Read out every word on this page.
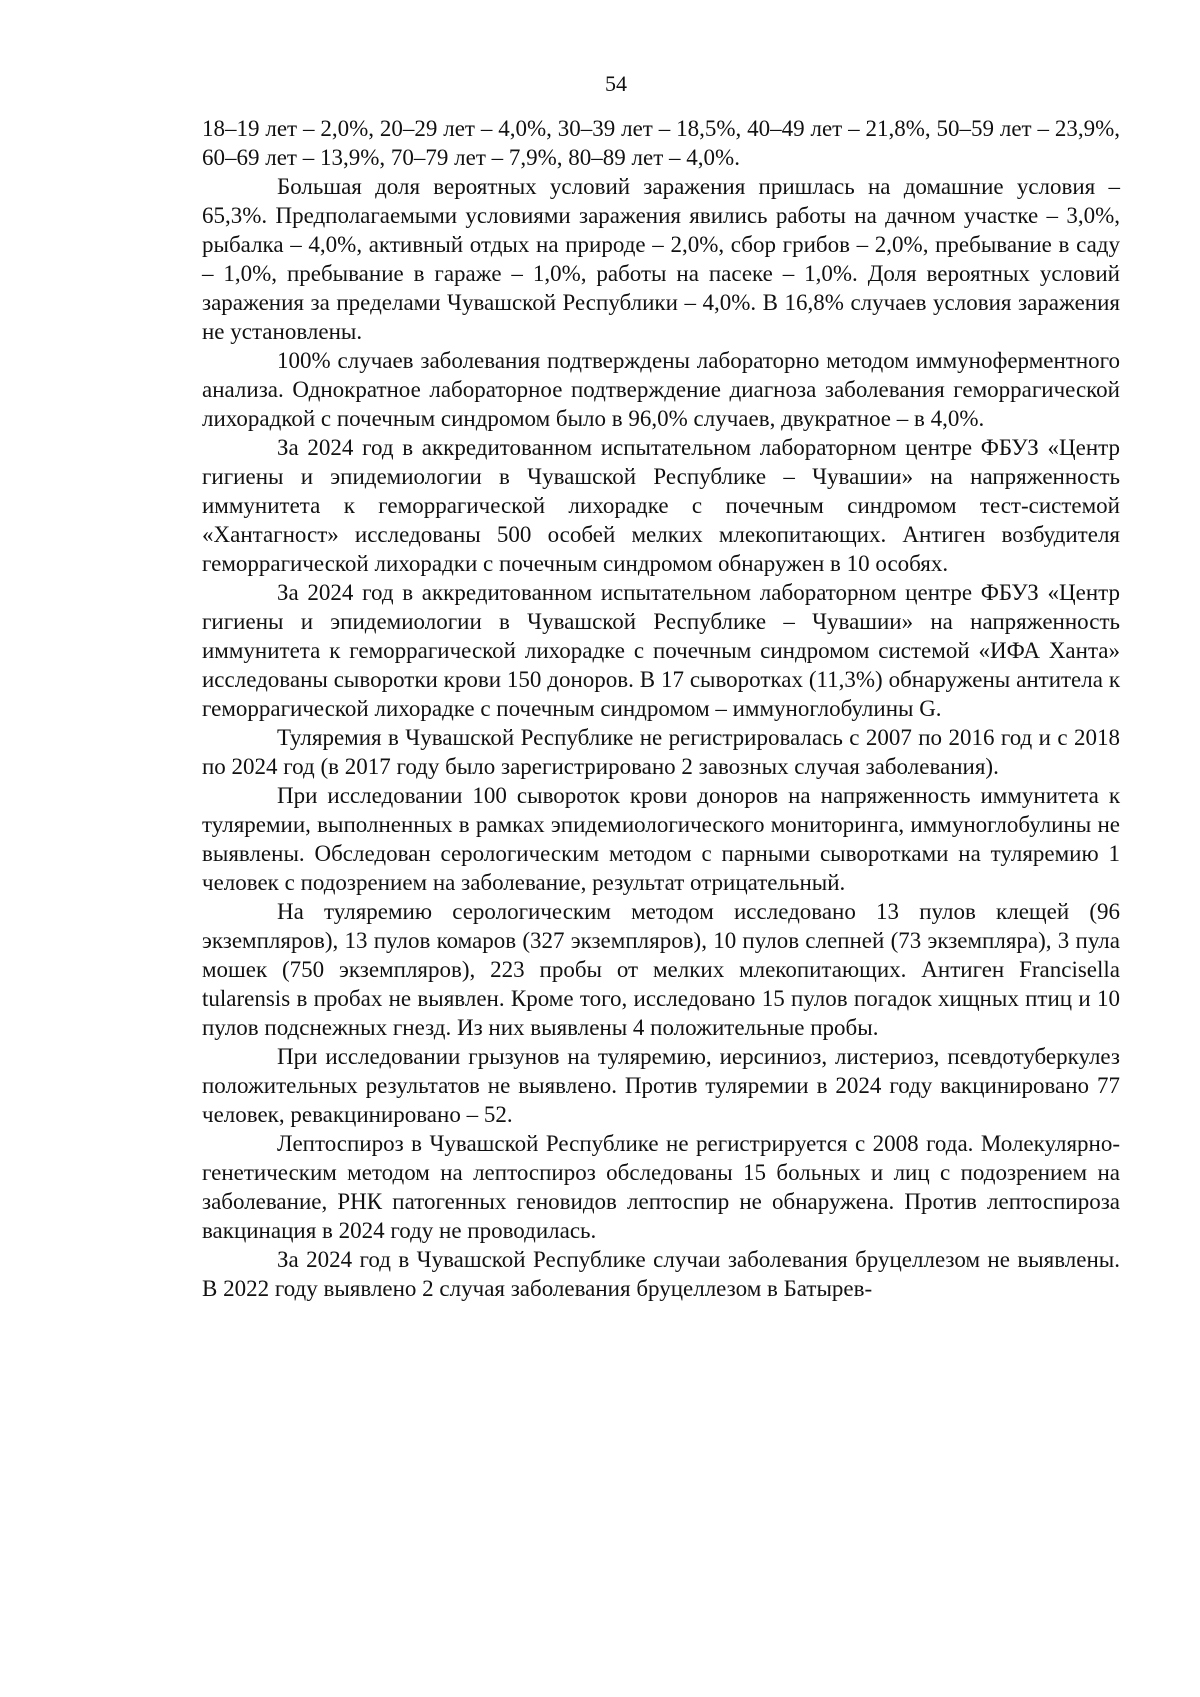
54

18–19 лет – 2,0%, 20–29 лет – 4,0%, 30–39 лет – 18,5%, 40–49 лет – 21,8%, 50–59 лет – 23,9%, 60–69 лет – 13,9%, 70–79 лет – 7,9%, 80–89 лет – 4,0%.

Большая доля вероятных условий заражения пришлась на домашние условия – 65,3%. Предполагаемыми условиями заражения явились работы на дачном участке – 3,0%, рыбалка – 4,0%, активный отдых на природе – 2,0%, сбор грибов – 2,0%, пребывание в саду – 1,0%, пребывание в гараже – 1,0%, работы на пасеке – 1,0%. Доля вероятных условий заражения за пределами Чувашской Республики – 4,0%. В 16,8% случаев условия заражения не установлены.

100% случаев заболевания подтверждены лабораторно методом иммуноферментного анализа. Однократное лабораторное подтверждение диагноза заболевания геморрагической лихорадкой с почечным синдромом было в 96,0% случаев, двукратное – в 4,0%.

За 2024 год в аккредитованном испытательном лабораторном центре ФБУЗ «Центр гигиены и эпидемиологии в Чувашской Республике – Чувашии» на напряженность иммунитета к геморрагической лихорадке с почечным синдромом тест-системой «Хантагност» исследованы 500 особей мелких млекопитающих. Антиген возбудителя геморрагической лихорадки с почечным синдромом обнаружен в 10 особях.

За 2024 год в аккредитованном испытательном лабораторном центре ФБУЗ «Центр гигиены и эпидемиологии в Чувашской Республике – Чувашии» на напряженность иммунитета к геморрагической лихорадке с почечным синдромом системой «ИФА Ханта» исследованы сыворотки крови 150 доноров. В 17 сыворотках (11,3%) обнаружены антитела к геморрагической лихорадке с почечным синдромом – иммуноглобулины G.

Туляремия в Чувашской Республике не регистрировалась с 2007 по 2016 год и с 2018 по 2024 год (в 2017 году было зарегистрировано 2 завозных случая заболевания).

При исследовании 100 сывороток крови доноров на напряженность иммунитета к туляремии, выполненных в рамках эпидемиологического мониторинга, иммуноглобулины не выявлены. Обследован серологическим методом с парными сыворотками на туляремию 1 человек с подозрением на заболевание, результат отрицательный.

На туляремию серологическим методом исследовано 13 пулов клещей (96 экземпляров), 13 пулов комаров (327 экземпляров), 10 пулов слепней (73 экземпляра), 3 пула мошек (750 экземпляров), 223 пробы от мелких млекопитающих. Антиген Francisella tularensis в пробах не выявлен. Кроме того, исследовано 15 пулов погадок хищных птиц и 10 пулов подснежных гнезд. Из них выявлены 4 положительные пробы.

При исследовании грызунов на туляремию, иерсиниоз, листериоз, псевдотуберкулез положительных результатов не выявлено. Против туляремии в 2024 году вакцинировано 77 человек, ревакцинировано – 52.

Лептоспироз в Чувашской Республике не регистрируется с 2008 года. Молекулярно-генетическим методом на лептоспироз обследованы 15 больных и лиц с подозрением на заболевание, РНК патогенных геновидов лептоспир не обнаружена. Против лептоспироза вакцинация в 2024 году не проводилась.

За 2024 год в Чувашской Республике случаи заболевания бруцеллезом не выявлены. В 2022 году выявлено 2 случая заболевания бруцеллезом в Батырев-
